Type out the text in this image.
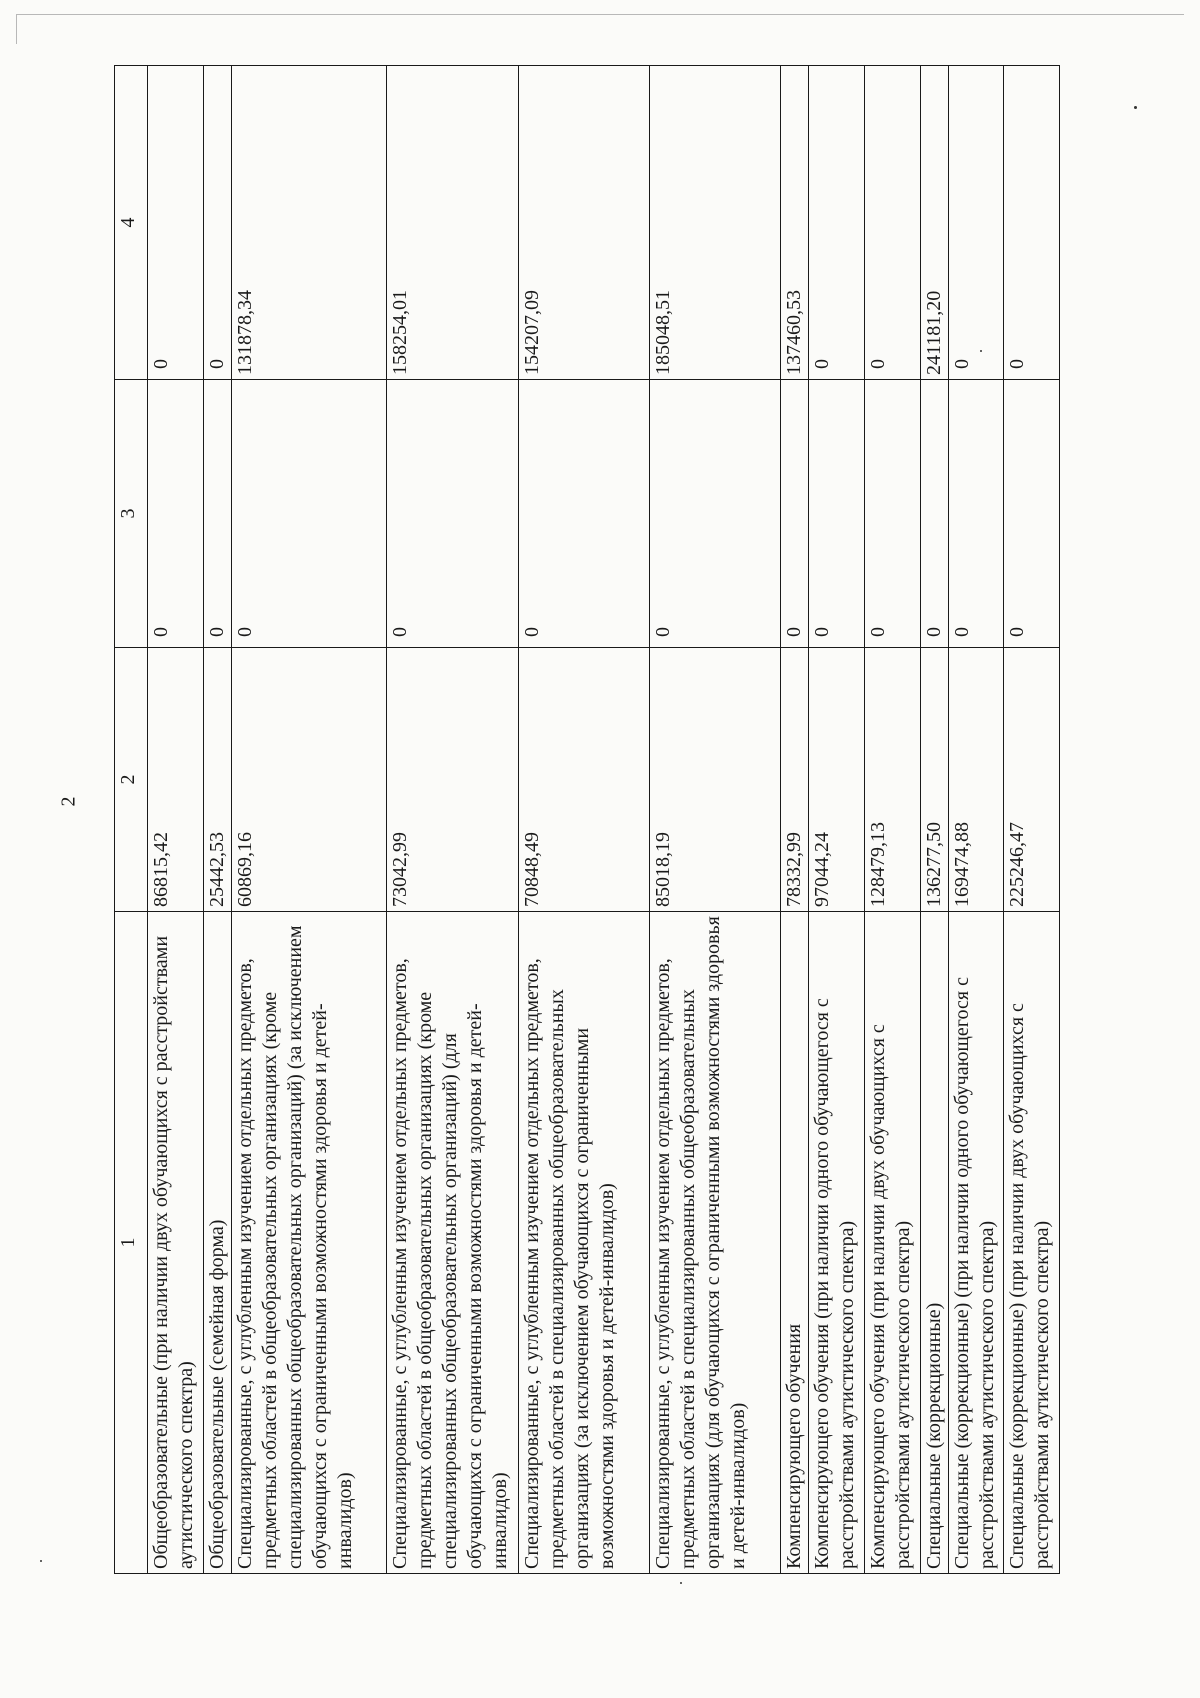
2
1	2	3	4
Общеобразовательные (при наличии двух обучающихся с расстройствами аутистического спектра)	86815,42	0	0
Общеобразовательные (семейная форма)	25442,53	0	0
Специализированные, с углубленным изучением отдельных предметов, предметных областей в общеобразовательных организациях (кроме специализированных общеобразовательных организаций) (за исключением обучающихся с ограниченными возможностями здоровья и детей-инвалидов)	60869,16	0	131878,34
Специализированные, с углубленным изучением отдельных предметов, предметных областей в общеобразовательных организациях (кроме специализированных общеобразовательных организаций) (для обучающихся с ограниченными возможностями здоровья и детей-инвалидов)	73042,99	0	158254,01
Специализированные, с углубленным изучением отдельных предметов, предметных областей в специализированных общеобразовательных организациях (за исключением обучающихся с ограниченными возможностями здоровья и детей-инвалидов)	70848,49	0	154207,09
Специализированные, с углубленным изучением отдельных предметов, предметных областей в специализированных общеобразовательных организациях (для обучающихся с ограниченными возможностями здоровья и детей-инвалидов)	85018,19	0	185048,51
Компенсирующего обучения	78332,99	0	137460,53
Компенсирующего обучения (при наличии одного обучающегося с расстройствами аутистического спектра)	97044,24	0	0
Компенсирующего обучения (при наличии двух обучающихся с расстройствами аутистического спектра)	128479,13	0	0
Специальные (коррекционные)	136277,50	0	241181,20
Специальные (коррекционные) (при наличии одного обучающегося с расстройствами аутистического спектра)	169474,88	0	0
Специальные (коррекционные) (при наличии двух обучающихся с расстройствами аутистического спектра)	225246,47	0	0
